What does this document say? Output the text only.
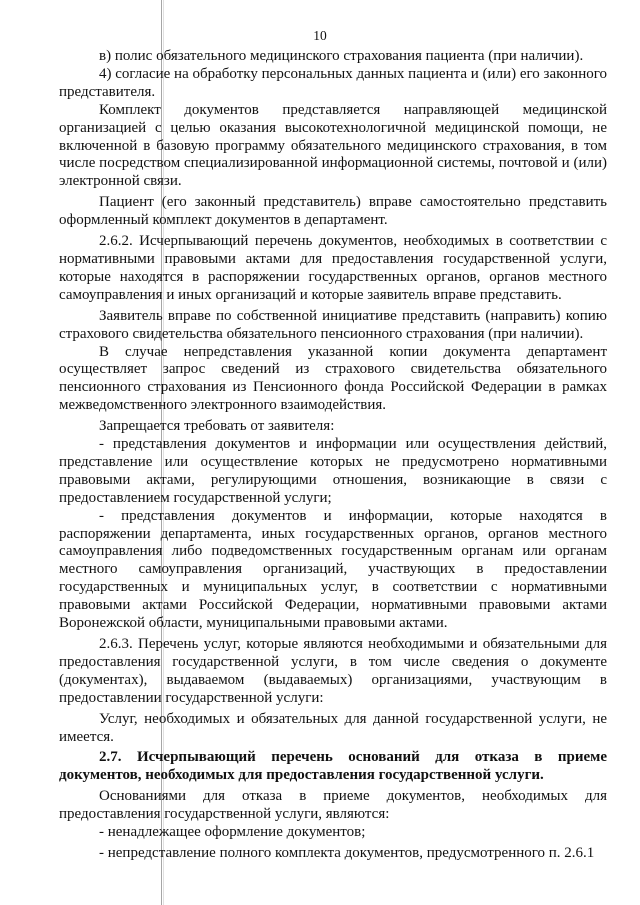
10

в) полис обязательного медицинского страхования пациента (при наличии).

4) согласие на обработку персональных данных пациента и (или) его законного представителя.

Комплект документов представляется направляющей медицинской организацией с целью оказания высокотехнологичной медицинской помощи, не включенной в базовую программу обязательного медицинского страхования, в том числе посредством специализированной информационной системы, почтовой и (или) электронной связи.

Пациент (его законный представитель) вправе самостоятельно представить оформленный комплект документов в департамент.

2.6.2. Исчерпывающий перечень документов, необходимых в соответствии с нормативными правовыми актами для предоставления государственной услуги, которые находятся в распоряжении государственных органов, органов местного самоуправления и иных организаций и которые заявитель вправе представить.

Заявитель вправе по собственной инициативе представить (направить) копию страхового свидетельства обязательного пенсионного страхования (при наличии).

В случае непредставления указанной копии документа департамент осуществляет запрос сведений из страхового свидетельства обязательного пенсионного страхования из Пенсионного фонда Российской Федерации в рамках межведомственного электронного взаимодействия.

Запрещается требовать от заявителя:

- представления документов и информации или осуществления действий, представление или осуществление которых не предусмотрено нормативными правовыми актами, регулирующими отношения, возникающие в связи с предоставлением государственной услуги;

- представления документов и информации, которые находятся в распоряжении департамента, иных государственных органов, органов местного самоуправления либо подведомственных государственным органам или органам местного самоуправления организаций, участвующих в предоставлении государственных и муниципальных услуг, в соответствии с нормативными правовыми актами Российской Федерации, нормативными правовыми актами Воронежской области, муниципальными правовыми актами.

2.6.3. Перечень услуг, которые являются необходимыми и обязательными для предоставления государственной услуги, в том числе сведения о документе (документах), выдаваемом (выдаваемых) организациями, участвующим в предоставлении государственной услуги:

Услуг, необходимых и обязательных для данной государственной услуги, не имеется.

2.7. Исчерпывающий перечень оснований для отказа в приеме документов, необходимых для предоставления государственной услуги.

Основаниями для отказа в приеме документов, необходимых для предоставления государственной услуги, являются:

- ненадлежащее оформление документов;

- непредставление полного комплекта документов, предусмотренного п. 2.6.1
